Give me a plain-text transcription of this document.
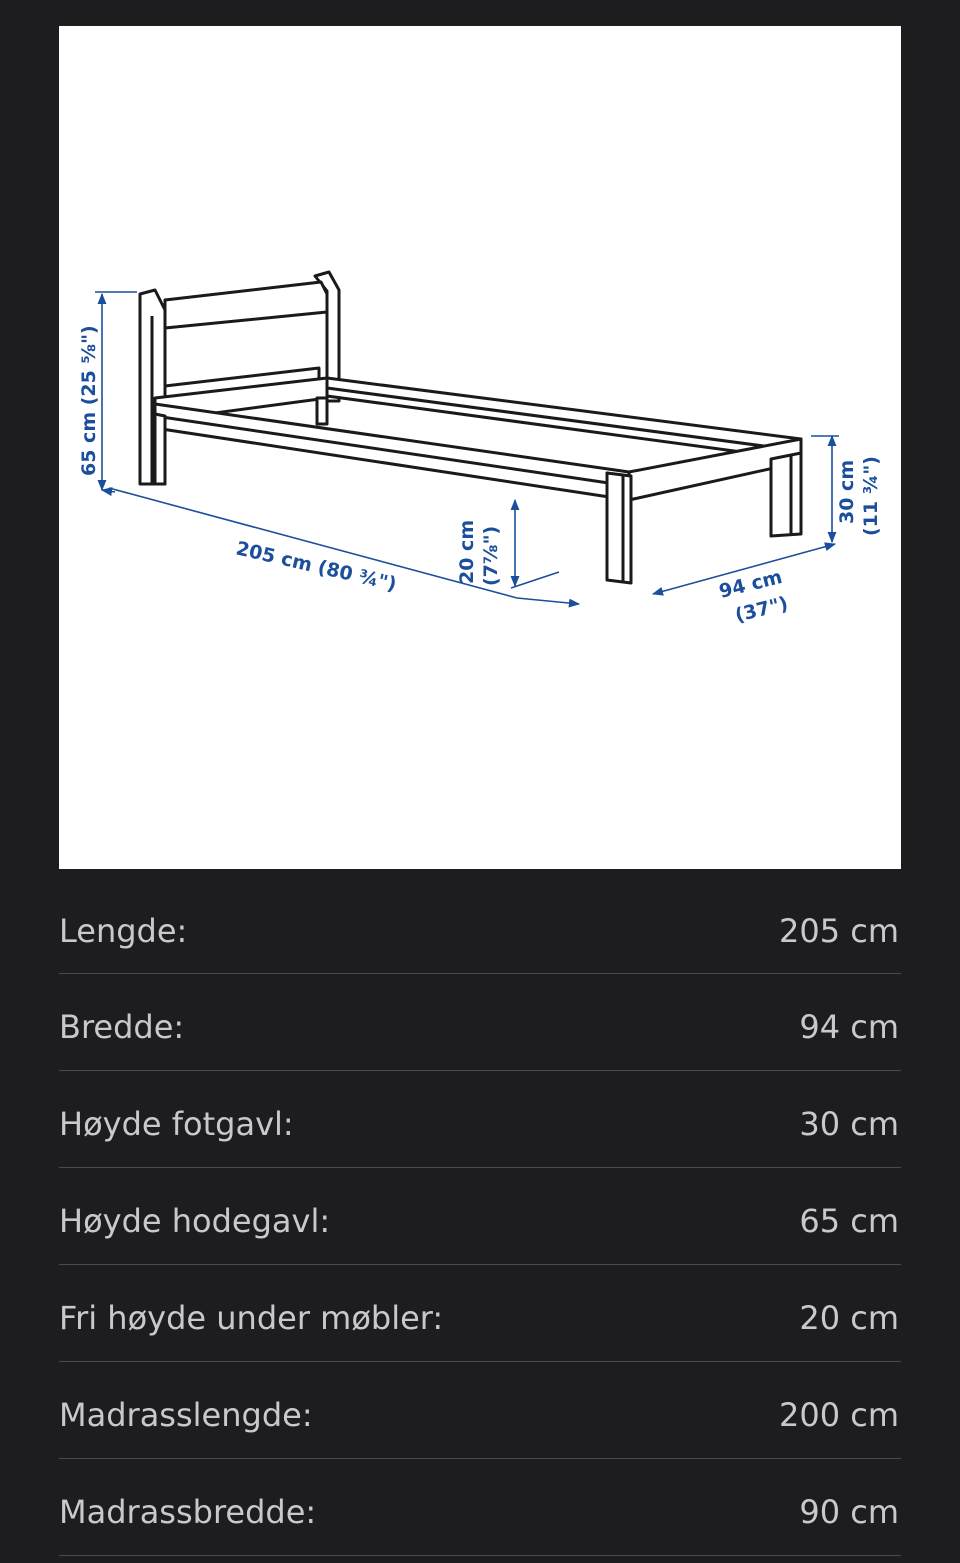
65 cm (25 ⅝")
205 cm (80 ¾")	20 cm (7⅞")
30 cm (11 ¾")
94 cm
(37")
Lengde:	205 cm
Bredde:	94 cm
Høyde fotgavl:	30 cm
Høyde hodegavl:	65 cm
Fri høyde under møbler:	20 cm
Madrasslengde:	200 cm
Madrassbredde:	90 cm
